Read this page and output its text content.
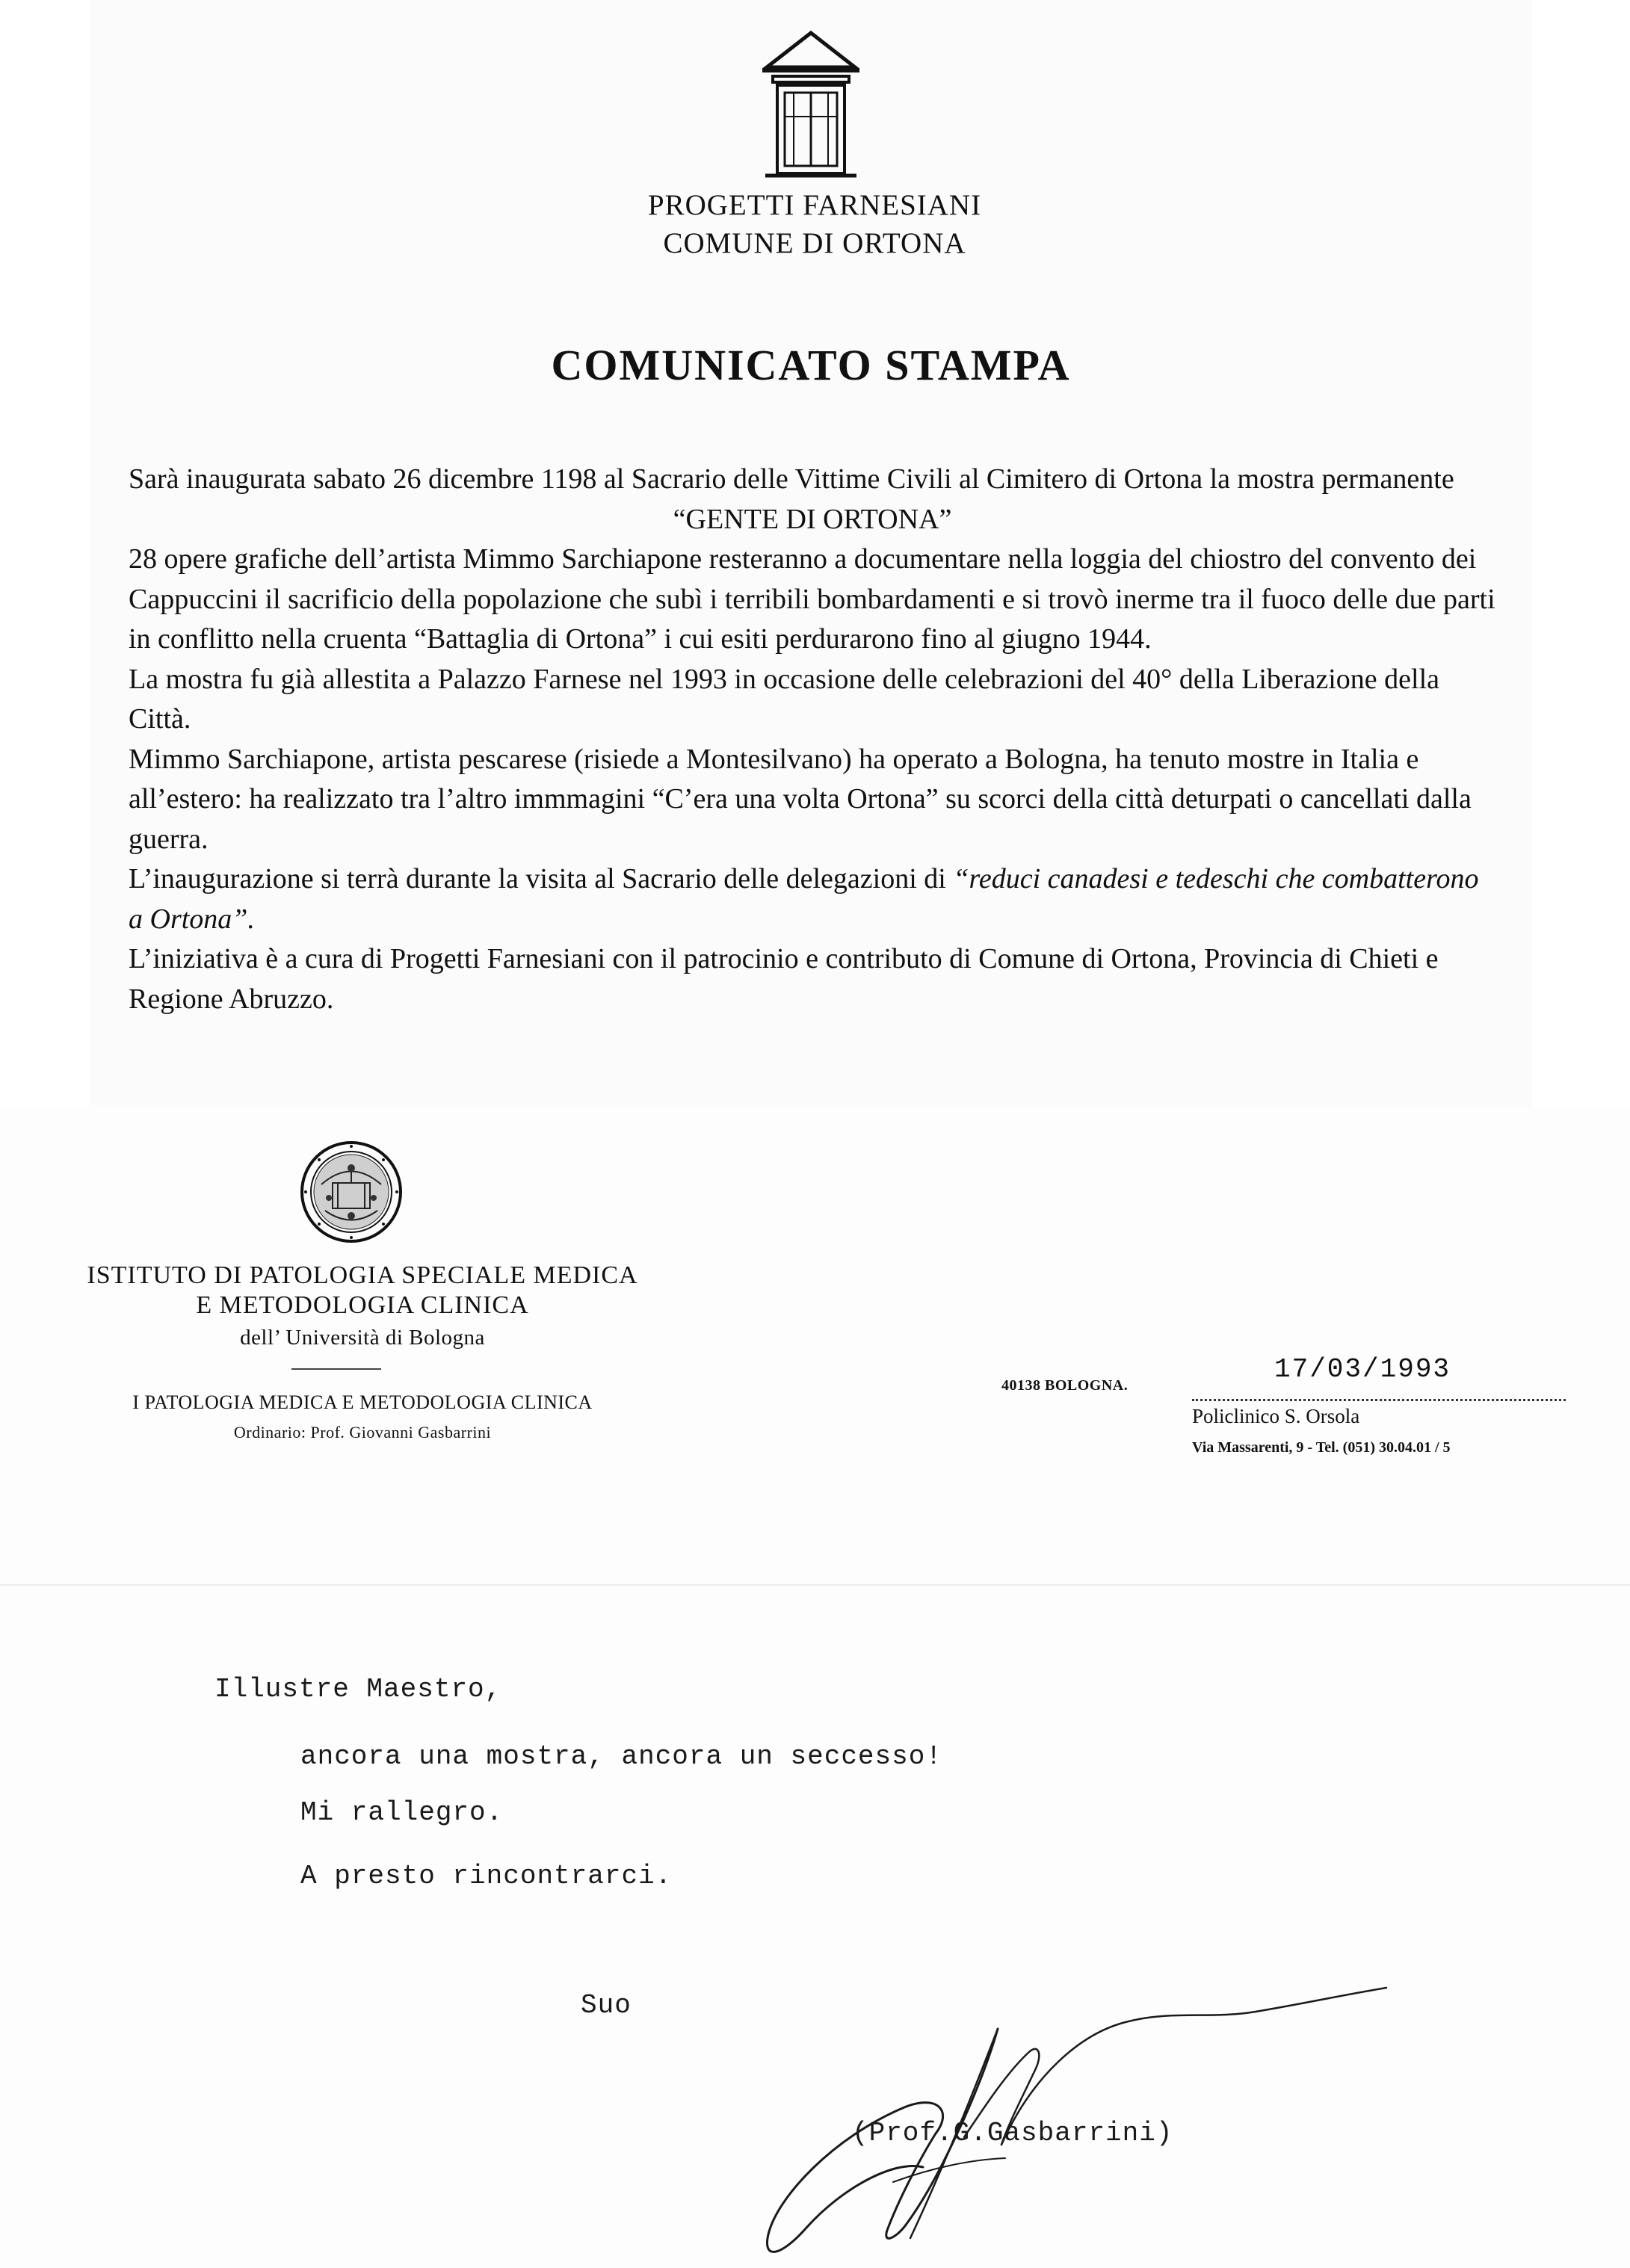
PROGETTI FARNESIANI
COMUNE DI ORTONA
COMUNICATO STAMPA

Sarà inaugurata sabato 26 dicembre 1198 al Sacrario delle Vittime Civili al Cimitero di Ortona la mostra permanente

“GENTE DI ORTONA”

28 opere grafiche dell’artista Mimmo Sarchiapone resteranno a documentare nella loggia del chiostro del convento dei Cappuccini il sacrificio della popolazione che subì i terribili bombardamenti e si trovò inerme tra il fuoco delle due parti in conflitto nella cruenta “Battaglia di Ortona” i cui esiti perdurarono fino al giugno 1944.

La mostra fu già allestita a Palazzo Farnese nel 1993 in occasione delle celebrazioni del 40° della Liberazione della Città.

Mimmo Sarchiapone, artista pescarese (risiede a Montesilvano) ha operato a Bologna, ha tenuto mostre in Italia e all’estero: ha realizzato tra l’altro immmagini “C’era una volta Ortona” su scorci della città deturpati o cancellati dalla guerra.

L’inaugurazione si terrà durante la visita al Sacrario delle delegazioni di “reduci canadesi e tedeschi che combatterono a Ortona”.

L’iniziativa è a cura di Progetti Farnesiani con il patrocinio e contributo di Comune di Ortona, Provincia di Chieti e Regione Abruzzo.

ISTITUTO DI PATOLOGIA SPECIALE MEDICA
E METODOLOGIA CLINICA
dell’ Università di Bologna
I PATOLOGIA MEDICA E METODOLOGIA CLINICA
Ordinario: Prof. Giovanni Gasbarrini
40138 BOLOGNA.
17/03/1993
Policlinico S. Orsola
Via Massarenti, 9 - Tel. (051) 30.04.01 / 5
Illustre Maestro,
ancora una mostra, ancora un seccesso!
Mi rallegro.
A presto rincontrarci.
Suo
(Prof.G.Gasbarrini)
